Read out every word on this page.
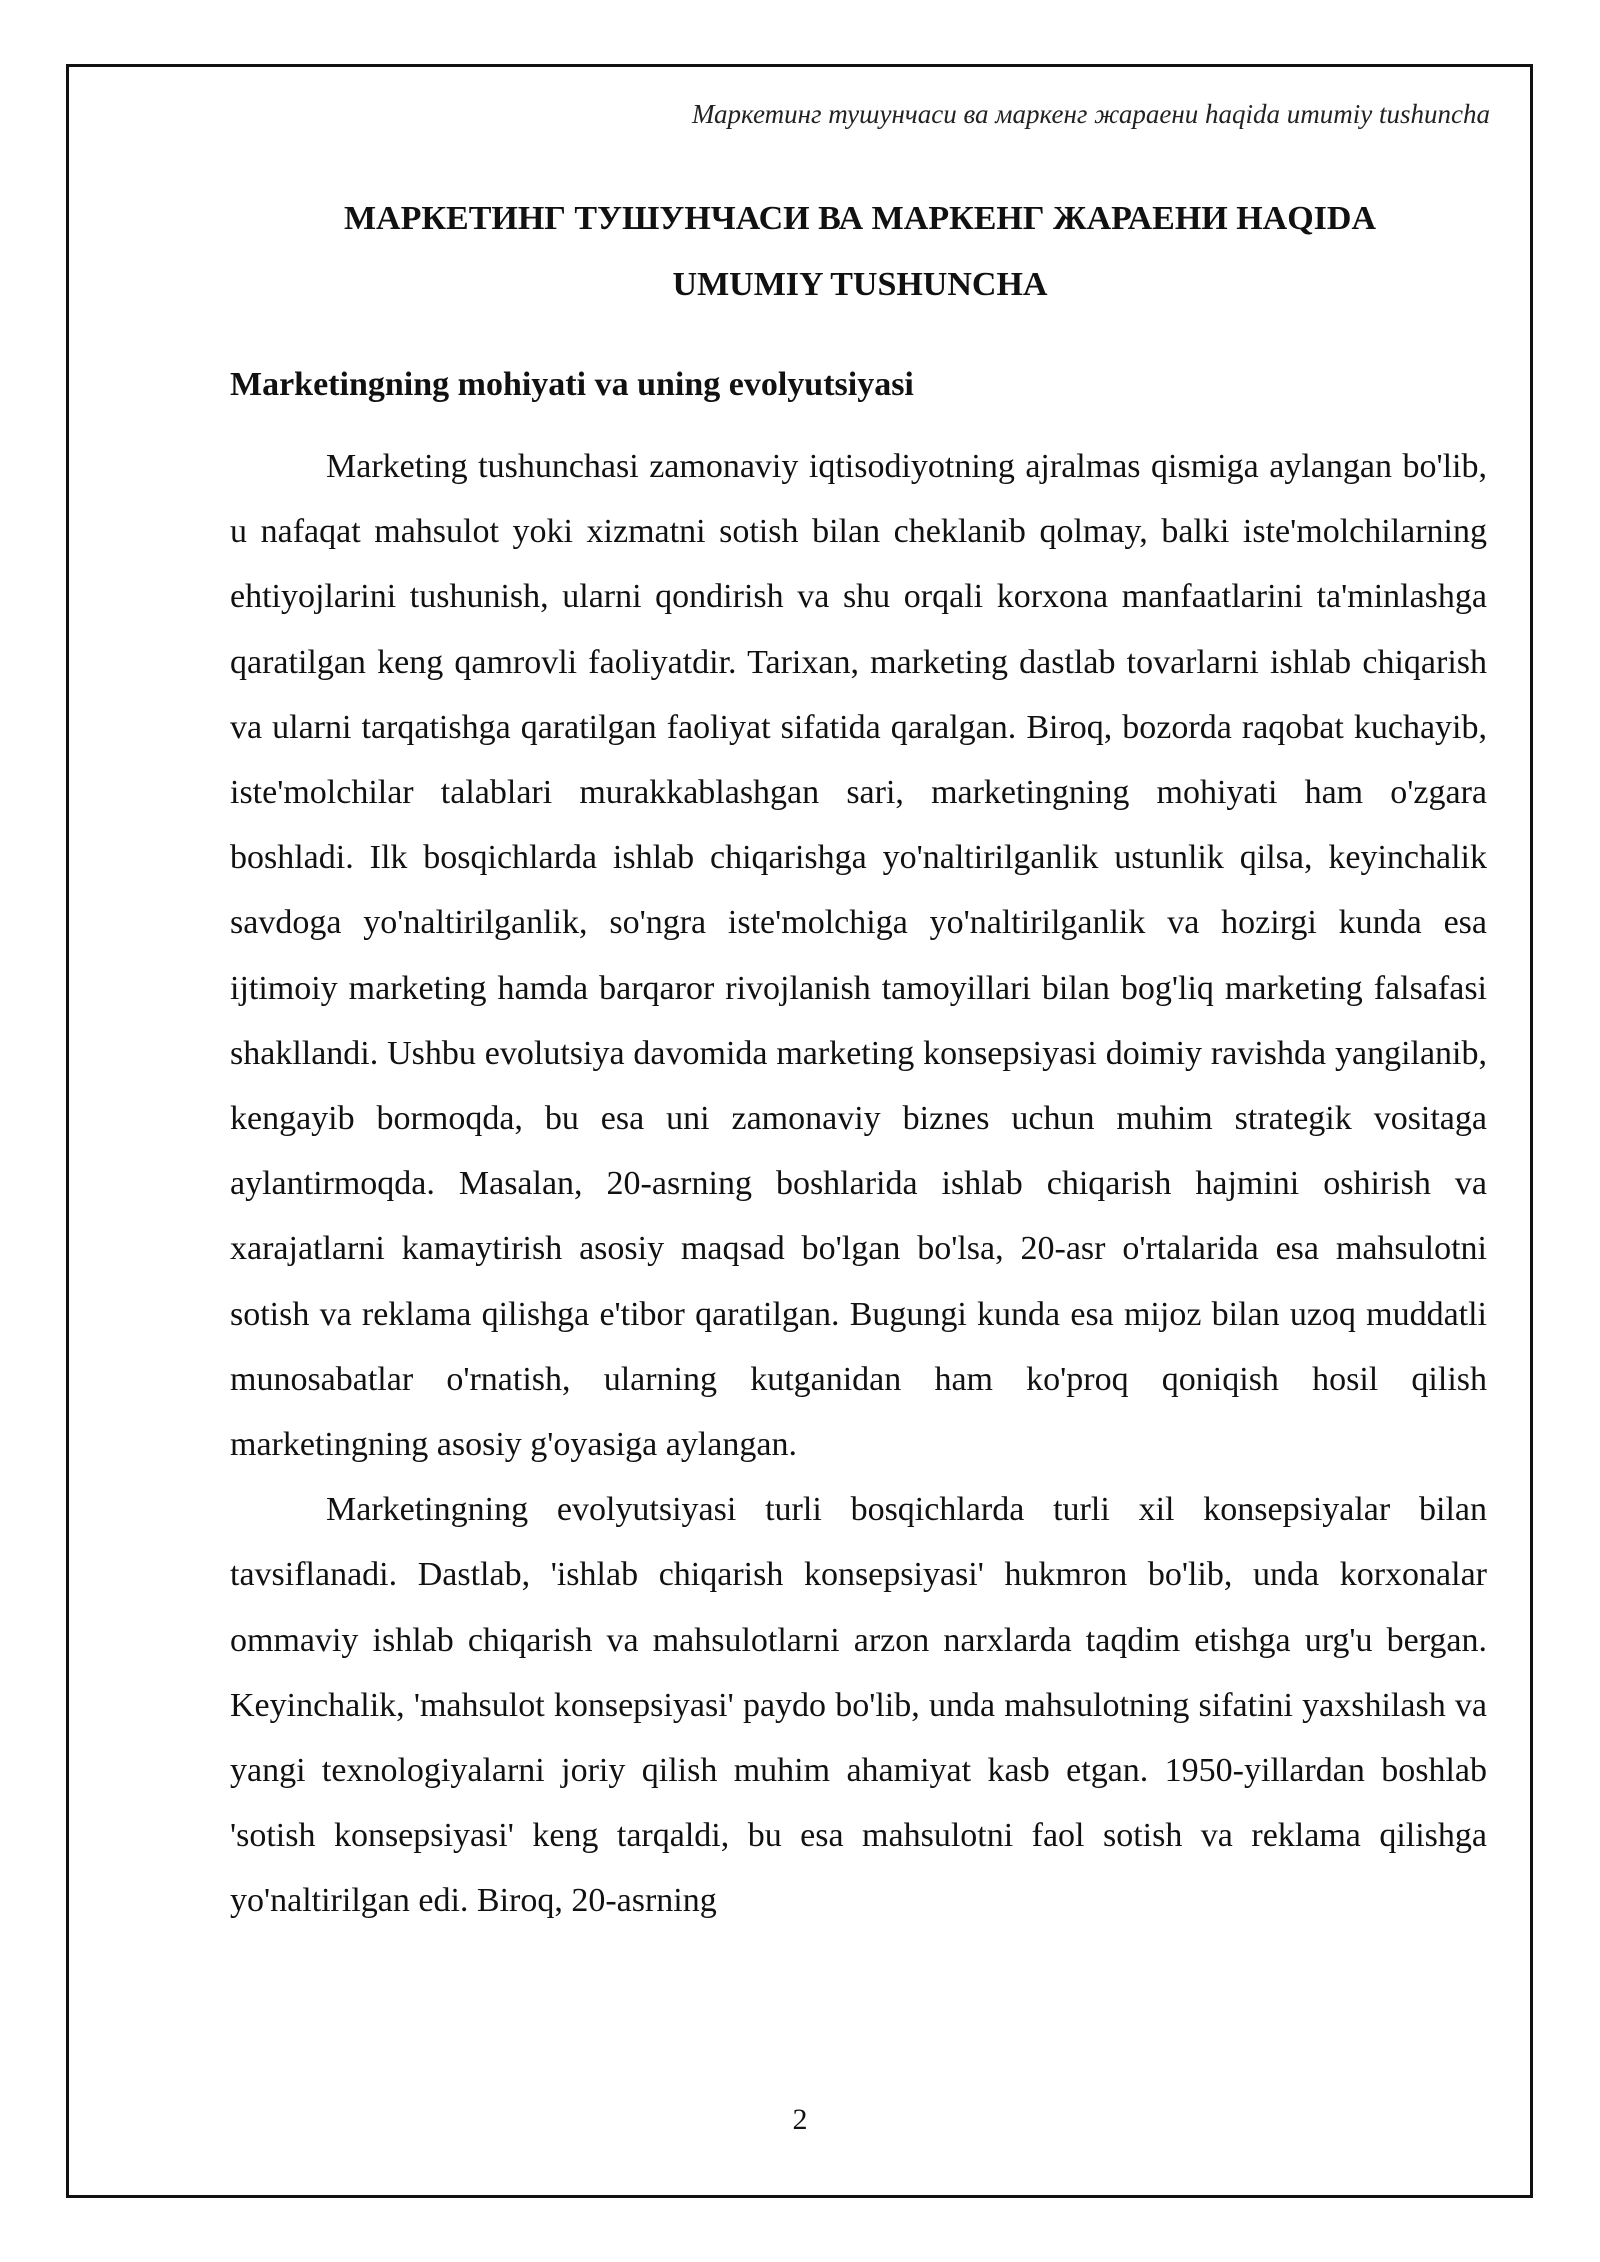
Маркетинг тушунчаси ва маркенг жараени haqida umumiy tushuncha
МАРКЕТИНГ ТУШУНЧАСИ ВА МАРКЕНГ ЖАРАЕНИ HAQIDA
UMUMIY TUSHUNCHA
Marketingning mohiyati va uning evolyutsiyasi

Marketing tushunchasi zamonaviy iqtisodiyotning ajralmas qismiga aylangan bo'lib, u nafaqat mahsulot yoki xizmatni sotish bilan cheklanib qolmay, balki iste'molchilarning ehtiyojlarini tushunish, ularni qondirish va shu orqali korxona manfaatlarini ta'minlashga qaratilgan keng qamrovli faoliyatdir. Tarixan, marketing dastlab tovarlarni ishlab chiqarish va ularni tarqatishga qaratilgan faoliyat sifatida qaralgan. Biroq, bozorda raqobat kuchayib, iste'molchilar talablari murakkablashgan sari, marketingning mohiyati ham o'zgara boshladi. Ilk bosqichlarda ishlab chiqarishga yo'naltirilganlik ustunlik qilsa, keyinchalik savdoga yo'naltirilganlik, so'ngra iste'molchiga yo'naltirilganlik va hozirgi kunda esa ijtimoiy marketing hamda barqaror rivojlanish tamoyillari bilan bog'liq marketing falsafasi shakllandi. Ushbu evolutsiya davomida marketing konsepsiyasi doimiy ravishda yangilanib, kengayib bormoqda, bu esa uni zamonaviy biznes uchun muhim strategik vositaga aylantirmoqda. Masalan, 20-asrning boshlarida ishlab chiqarish hajmini oshirish va xarajatlarni kamaytirish asosiy maqsad bo'lgan bo'lsa, 20-asr o'rtalarida esa mahsulotni sotish va reklama qilishga e'tibor qaratilgan. Bugungi kunda esa mijoz bilan uzoq muddatli munosabatlar o'rnatish, ularning kutganidan ham ko'proq qoniqish hosil qilish marketingning asosiy g'oyasiga aylangan.

Marketingning evolyutsiyasi turli bosqichlarda turli xil konsepsiyalar bilan tavsiflanadi. Dastlab, 'ishlab chiqarish konsepsiyasi' hukmron bo'lib, unda korxonalar ommaviy ishlab chiqarish va mahsulotlarni arzon narxlarda taqdim etishga urg'u bergan. Keyinchalik, 'mahsulot konsepsiyasi' paydo bo'lib, unda mahsulotning sifatini yaxshilash va yangi texnologiyalarni joriy qilish muhim ahamiyat kasb etgan. 1950-yillardan boshlab 'sotish konsepsiyasi' keng tarqaldi, bu esa mahsulotni faol sotish va reklama qilishga yo'naltirilgan edi. Biroq, 20-asrning

2
